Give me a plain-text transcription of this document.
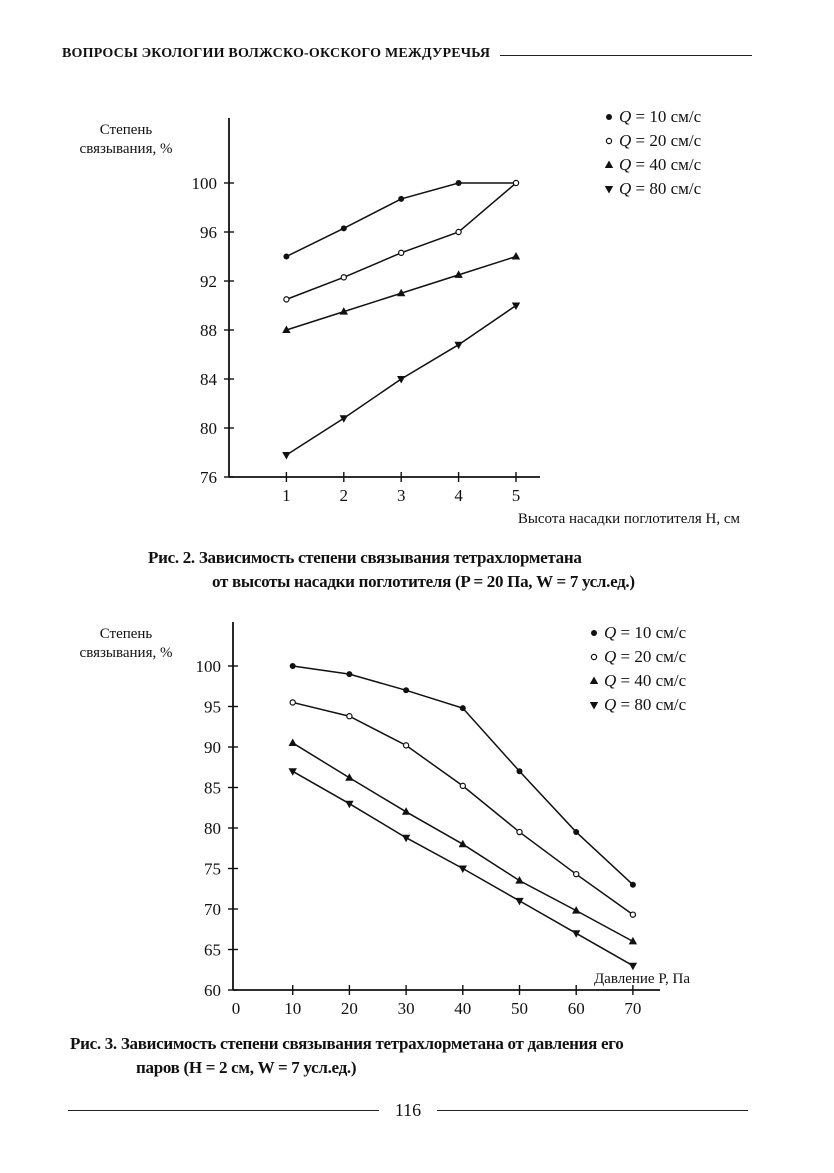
ВОПРОСЫ ЭКОЛОГИИ ВОЛЖСКО-ОКСКОГО МЕЖДУРЕЧЬЯ
76
80
84
88
92
96
100
1	2	3	4	5
Степень
связывания, %
Высота насадки поглотителя H, см
Q = 10 см/с
Q = 20 см/с
Q = 40 см/с
Q = 80 см/с
Рис. 2. Зависимость степени связывания тетрахлорметана
от высоты насадки поглотителя (P = 20 Па, W = 7 усл.ед.)
60
65
70
75
80
85
90
95
100
0	10 20 30 40 50 60 70
Степень
связывания, %
Давление P, Па
Q = 10 см/с
Q = 20 см/с
Q = 40 см/с
Q = 80 см/с
Рис. 3. Зависимость степени связывания тетрахлорметана от давления его
паров (H = 2 см, W = 7 усл.ед.)
116
